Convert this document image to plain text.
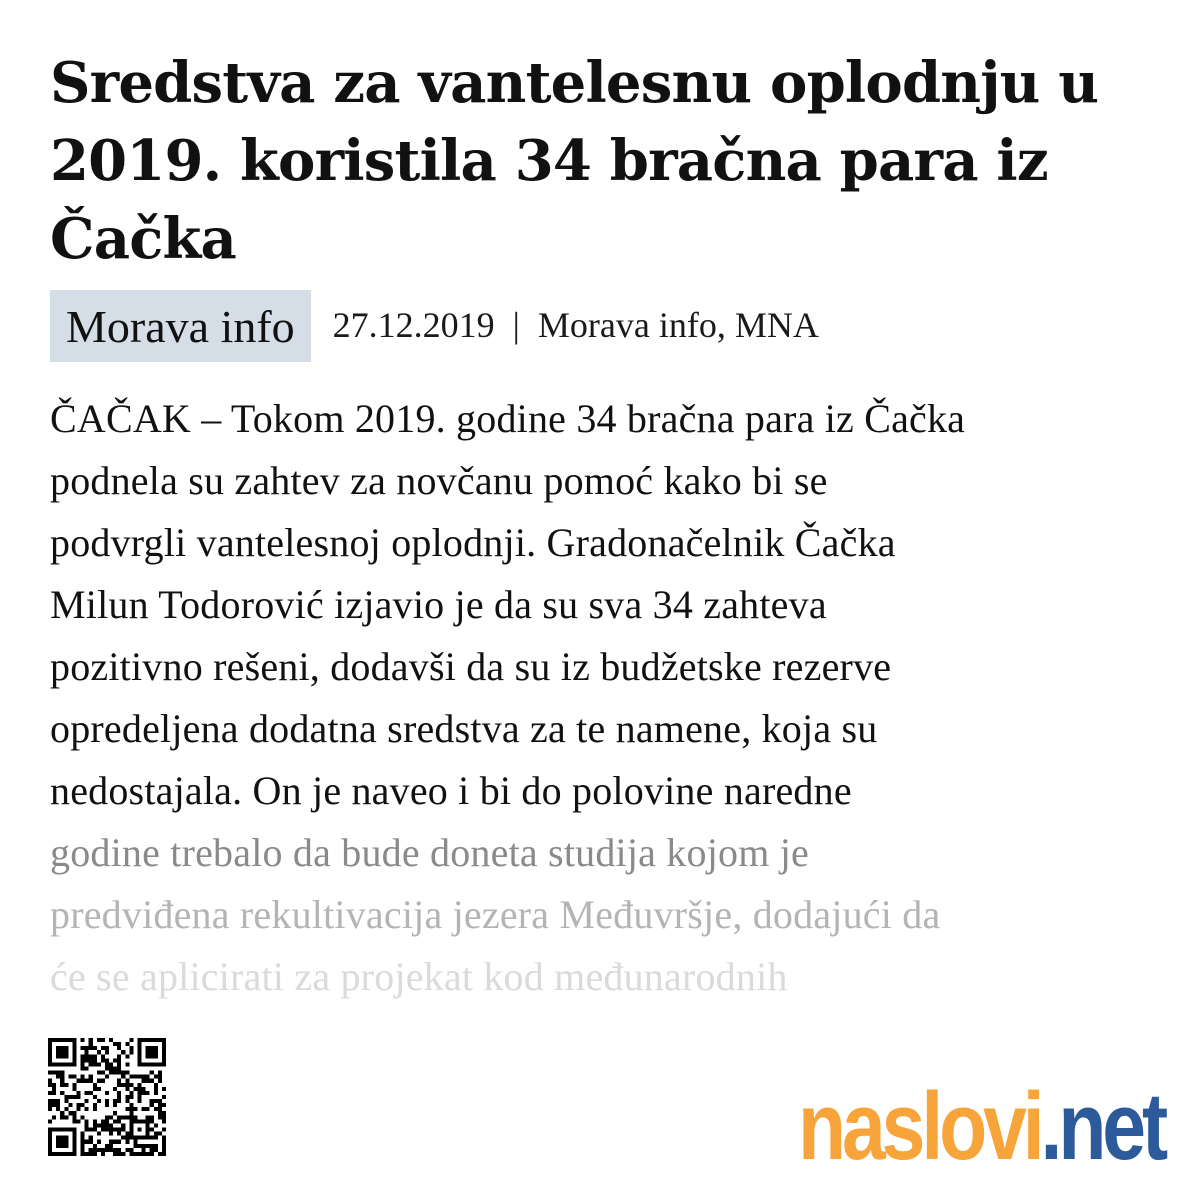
Sredstva za vantelesnu oplodnju u 2019. koristila 34 bračna para iz Čačka
Morava info	27.12.2019 | Morava info, MNA
ČAČAK – Tokom 2019. godine 34 bračna para iz Čačka
podnela su zahtev za novčanu pomoć kako bi se
podvrgli vantelesnoj oplodnji. Gradonačelnik Čačka
Milun Todorović izjavio je da su sva 34 zahteva
pozitivno rešeni, dodavši da su iz budžetske rezerve
opredeljena dodatna sredstva za te namene, koja su
nedostajala. On je naveo i bi do polovine naredne
godine trebalo da bude doneta studija kojom je
predviđena rekultivacija jezera Međuvršje, dodajući da
će se aplicirati za projekat kod međunarodnih
naslovi .net
